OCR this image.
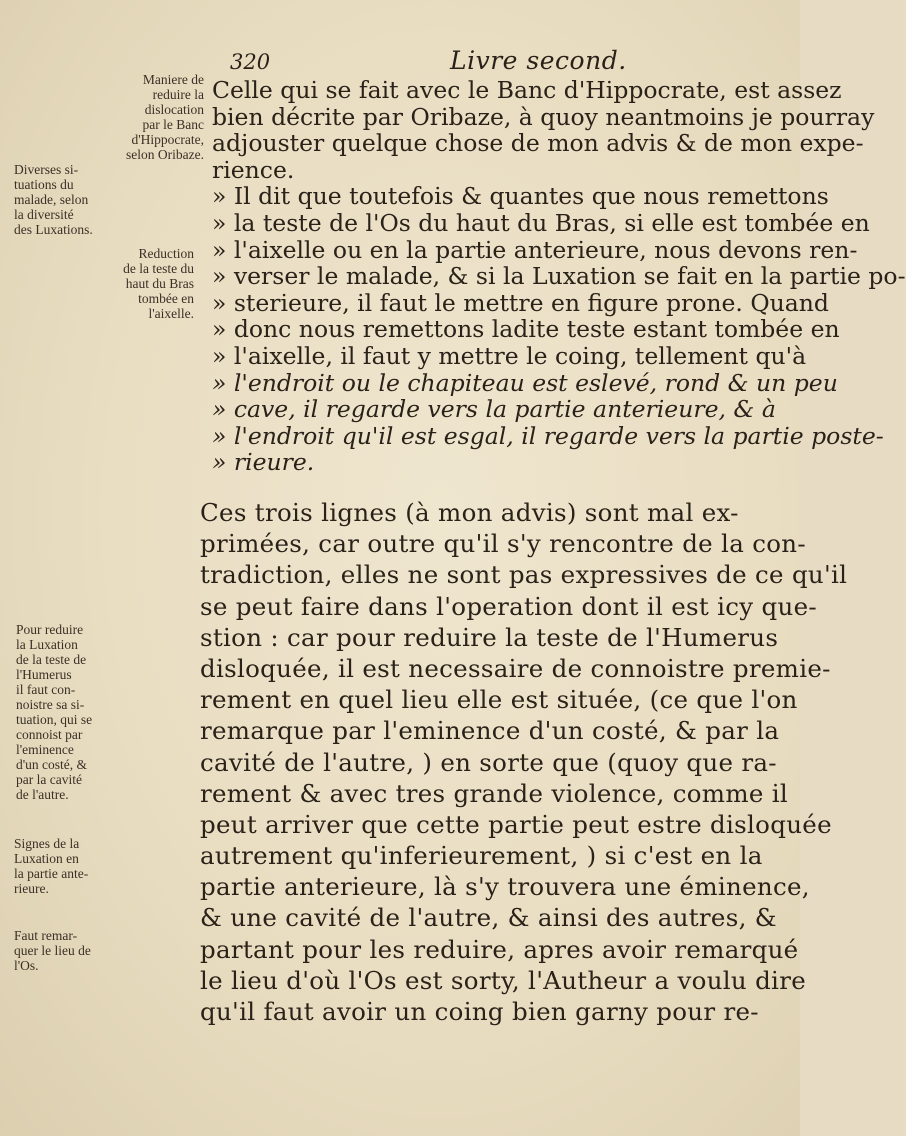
320	Livre second.
Maniere de
reduire la
dislocation
par le Banc
d'Hippocrate,
selon Oribaze.
Diverses si-
tuations du
malade, selon
la diversité
des Luxations.
Reduction
de la teste du
haut du Bras
tombée en
l'aixelle.
Pour reduire
la Luxation
de la teste de
l'Humerus
il faut con-
noistre sa si-
tuation, qui se
connoist par
l'eminence
d'un costé, &
par la cavité
de l'autre.
Signes de la
Luxation en
la partie ante-
rieure.
Faut remar-
quer le lieu de
l'Os.
Celle qui se fait avec le Banc d'Hippocrate, est assez
bien décrite par Oribaze, à quoy neantmoins je pourray
adjouster quelque chose de mon advis & de mon expe-
rience.
» Il dit que toutefois & quantes que nous remettons
» la teste de l'Os du haut du Bras, si elle est tombée en
» l'aixelle ou en la partie anterieure, nous devons ren-
» verser le malade, & si la Luxation se fait en la partie po-
» sterieure, il faut le mettre en figure prone. Quand
» donc nous remettons ladite teste estant tombée en
» l'aixelle, il faut y mettre le coing, tellement qu'à
» l'endroit ou le chapiteau est eslevé, rond & un peu
» cave, il regarde vers la partie anterieure, & à
» l'endroit qu'il est esgal, il regarde vers la partie poste-
» rieure.
Ces trois lignes (à mon advis) sont mal ex-
primées, car outre qu'il s'y rencontre de la con-
tradiction, elles ne sont pas expressives de ce qu'il
se peut faire dans l'operation dont il est icy que-
stion : car pour reduire la teste de l'Humerus
disloquée, il est necessaire de connoistre premie-
rement en quel lieu elle est située, (ce que l'on
remarque par l'eminence d'un costé, & par la
cavité de l'autre, ) en sorte que (quoy que ra-
rement & avec tres grande violence, comme il
peut arriver que cette partie peut estre disloquée
autrement qu'inferieurement, ) si c'est en la
partie anterieure, là s'y trouvera une éminence,
& une cavité de l'autre, & ainsi des autres, &
partant pour les reduire, apres avoir remarqué
le lieu d'où l'Os est sorty, l'Autheur a voulu dire
qu'il faut avoir un coing bien garny pour re-
